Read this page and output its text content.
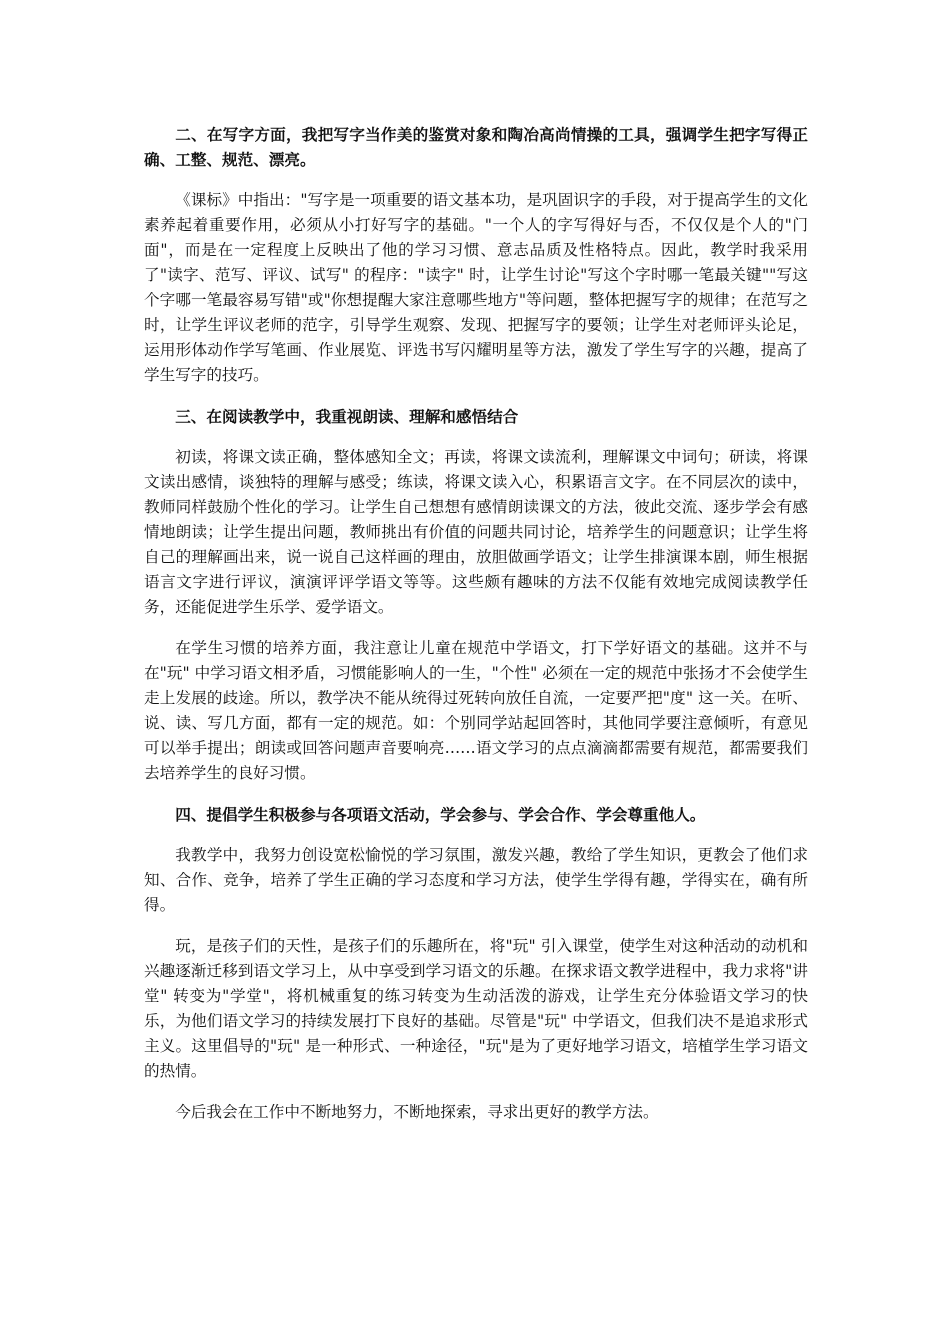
二、在写字方面，我把写字当作美的鉴赏对象和陶冶高尚情操的工具，强调学生把字写得正确、工整、规范、漂亮。
《课标》中指出："写字是一项重要的语文基本功，是巩固识字的手段，对于提高学生的文化素养起着重要作用，必须从小打好写字的基础。"一个人的字写得好与否，不仅仅是个人的"门面"，而是在一定程度上反映出了他的学习习惯、意志品质及性格特点。因此，教学时我采用了"读字、范写、评议、试写" 的程序："读字" 时，让学生讨论"写这个字时哪一笔最关键""写这个字哪一笔最容易写错"或"你想提醒大家注意哪些地方"等问题，整体把握写字的规律；在范写之时，让学生评议老师的范字，引导学生观察、发现、把握写字的要领；让学生对老师评头论足，运用形体动作学写笔画、作业展览、评选书写闪耀明星等方法，激发了学生写字的兴趣，提高了学生写字的技巧。
三、在阅读教学中，我重视朗读、理解和感悟结合
初读，将课文读正确，整体感知全文；再读，将课文读流利，理解课文中词句；研读，将课文读出感情，谈独特的理解与感受；练读，将课文读入心，积累语言文字。在不同层次的读中，教师同样鼓励个性化的学习。让学生自己想想有感情朗读课文的方法，彼此交流、逐步学会有感情地朗读；让学生提出问题，教师挑出有价值的问题共同讨论，培养学生的问题意识；让学生将自己的理解画出来，说一说自己这样画的理由，放胆做画学语文；让学生排演课本剧，师生根据语言文字进行评议，演演评评学语文等等。这些颇有趣味的方法不仅能有效地完成阅读教学任务，还能促进学生乐学、爱学语文。
在学生习惯的培养方面，我注意让儿童在规范中学语文，打下学好语文的基础。这并不与在"玩" 中学习语文相矛盾，习惯能影响人的一生，"个性" 必须在一定的规范中张扬才不会使学生走上发展的歧途。所以，教学决不能从统得过死转向放任自流，一定要严把"度" 这一关。在听、说、读、写几方面，都有一定的规范。如：个别同学站起回答时，其他同学要注意倾听，有意见可以举手提出；朗读或回答问题声音要响亮……语文学习的点点滴滴都需要有规范，都需要我们去培养学生的良好习惯。
四、提倡学生积极参与各项语文活动，学会参与、学会合作、学会尊重他人。
我教学中，我努力创设宽松愉悦的学习氛围，激发兴趣，教给了学生知识，更教会了他们求知、合作、竞争，培养了学生正确的学习态度和学习方法，使学生学得有趣，学得实在，确有所得。
玩，是孩子们的天性，是孩子们的乐趣所在，将"玩" 引入课堂，使学生对这种活动的动机和兴趣逐渐迁移到语文学习上，从中享受到学习语文的乐趣。在探求语文教学进程中，我力求将"讲堂" 转变为"学堂"，将机械重复的练习转变为生动活泼的游戏，让学生充分体验语文学习的快乐，为他们语文学习的持续发展打下良好的基础。尽管是"玩" 中学语文，但我们决不是追求形式主义。这里倡导的"玩" 是一种形式、一种途径，"玩"是为了更好地学习语文，培植学生学习语文的热情。
今后我会在工作中不断地努力，不断地探索，寻求出更好的教学方法。
